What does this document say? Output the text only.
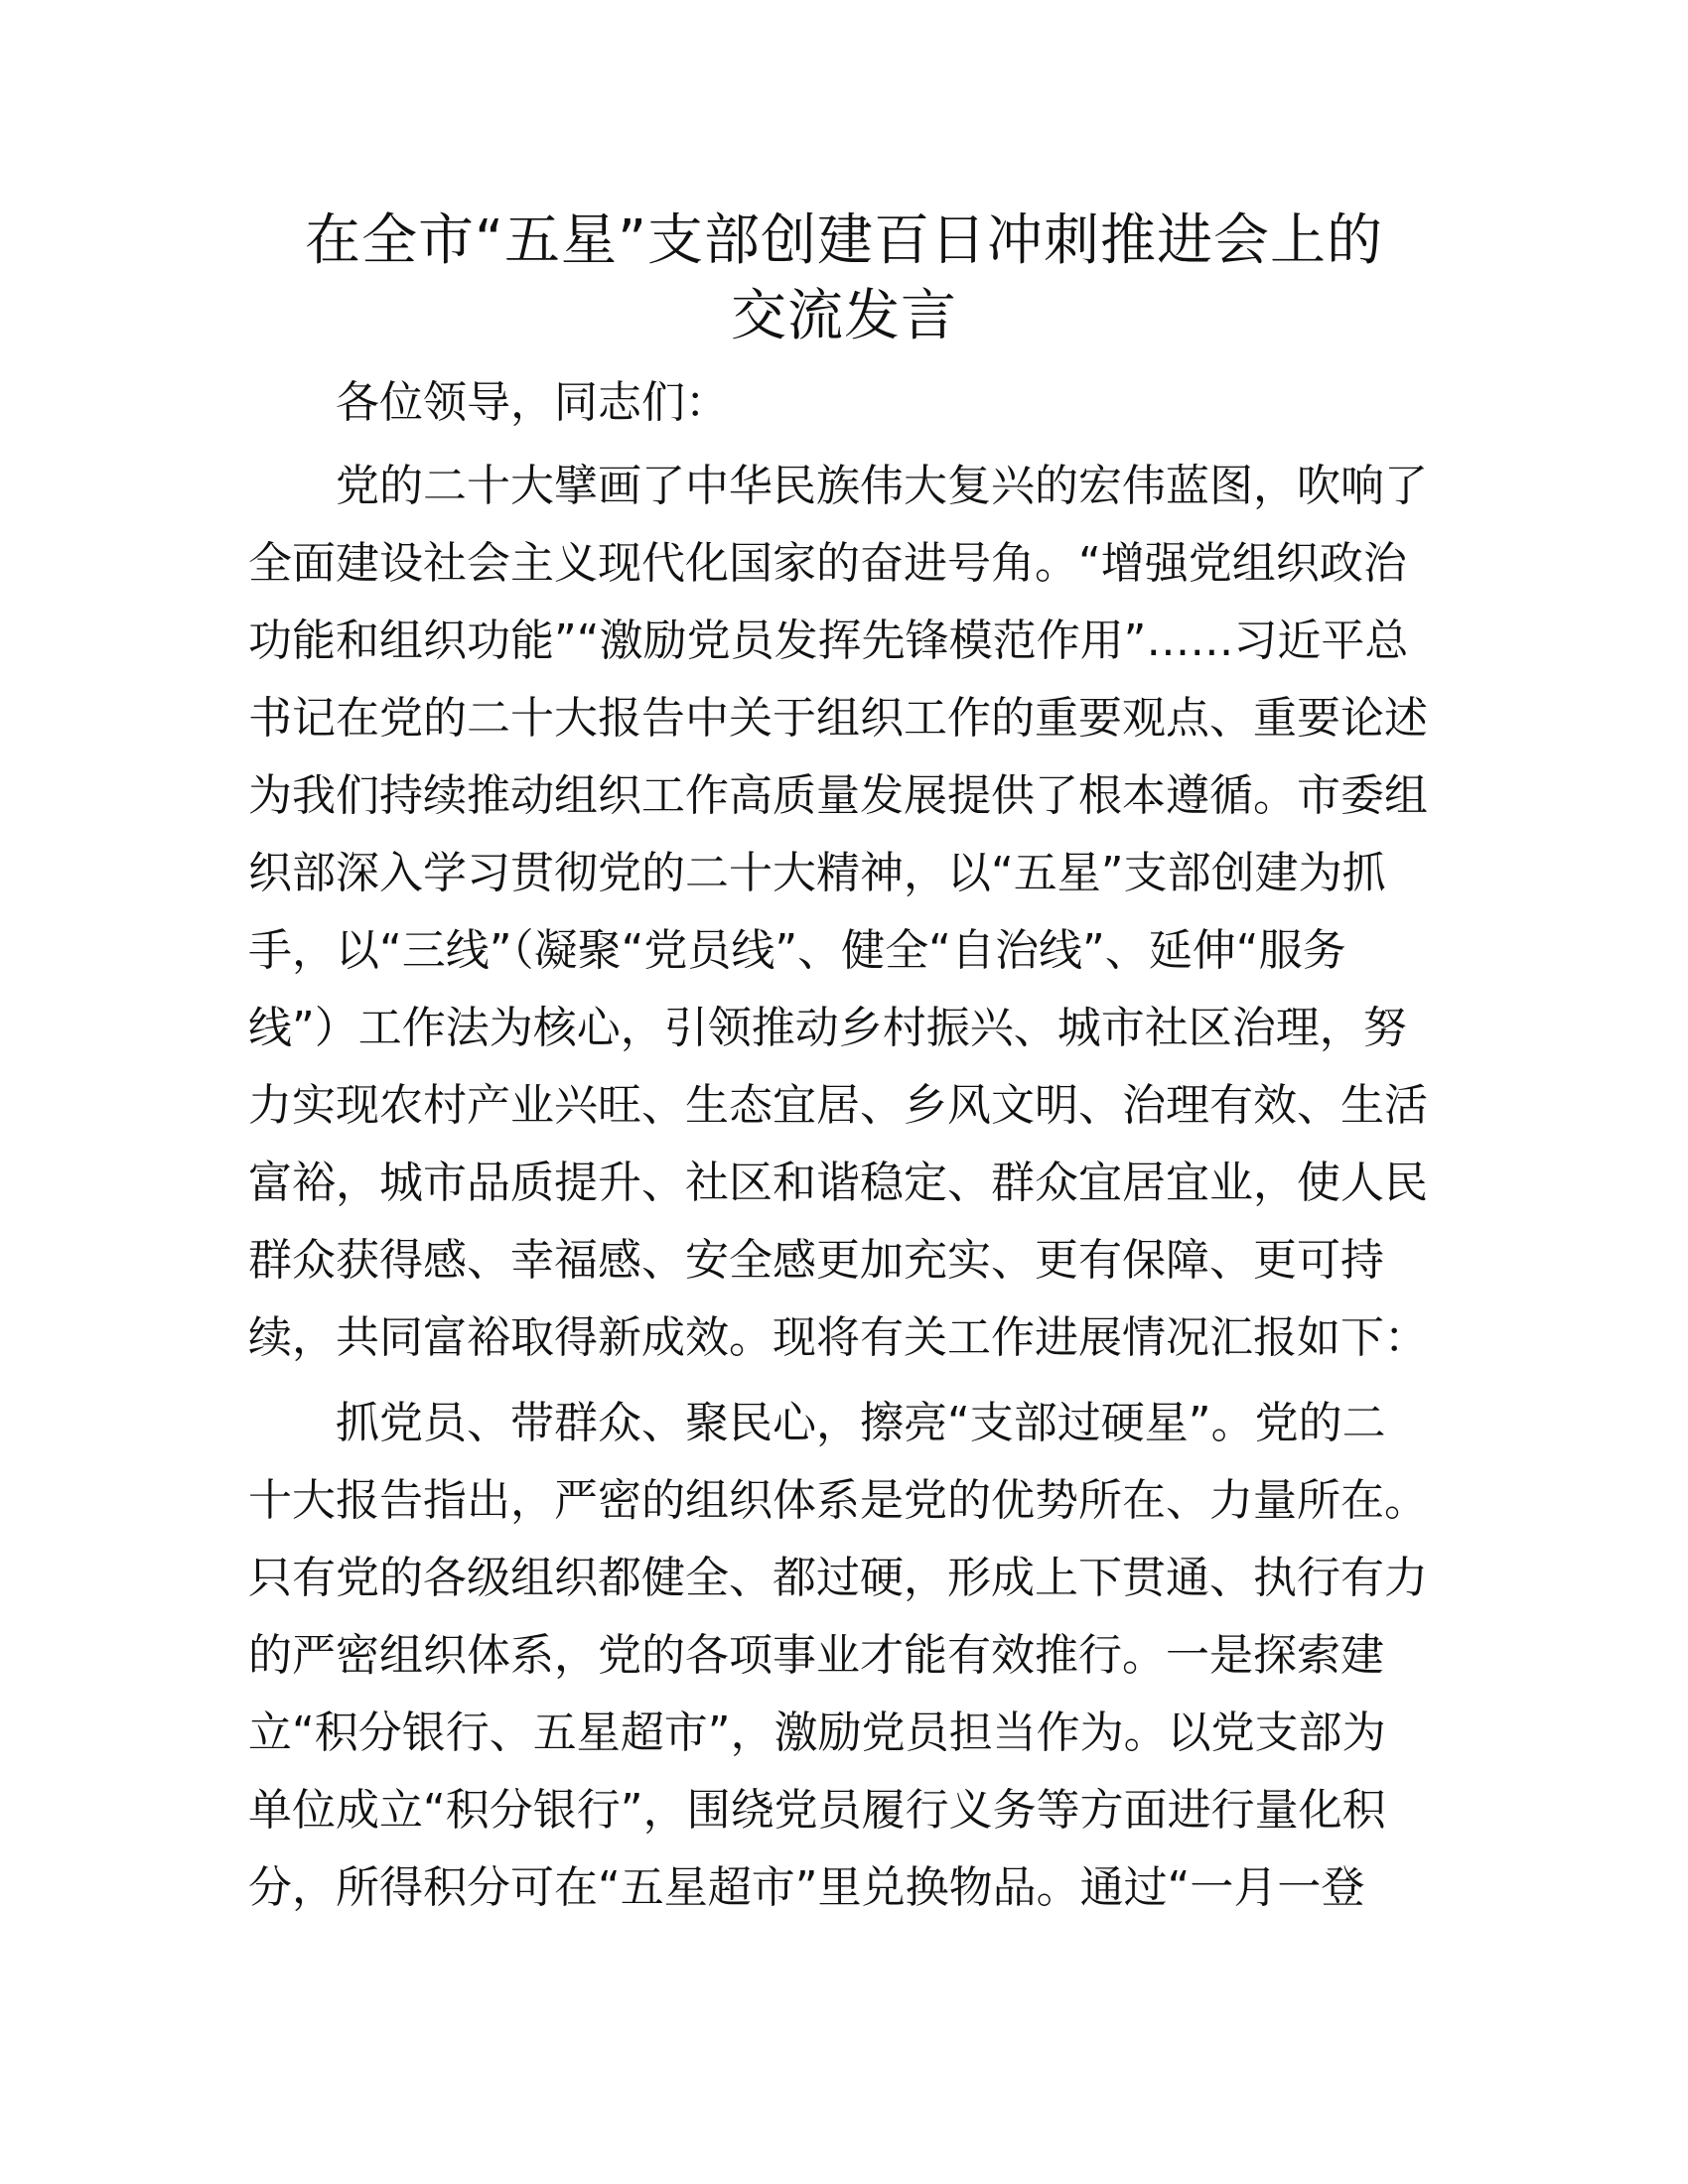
在全市“五星”支部创建百日冲刺推进会上的
交流发言

各位领导，同志们：

党的二十大擘画了中华民族伟大复兴的宏伟蓝图，吹响了
全面建设社会主义现代化国家的奋进号角。“增强党组织政治
功能和组织功能”“激励党员发挥先锋模范作用”……习近平总
书记在党的二十大报告中关于组织工作的重要观点、重要论述
为我们持续推动组织工作高质量发展提供了根本遵循。市委组
织部深入学习贯彻党的二十大精神，以“五星”支部创建为抓
手，以“三线”（凝聚“党员线”、健全“自治线”、延伸“服务
线”）工作法为核心，引领推动乡村振兴、城市社区治理，努
力实现农村产业兴旺、生态宜居、乡风文明、治理有效、生活
富裕，城市品质提升、社区和谐稳定、群众宜居宜业，使人民
群众获得感、幸福感、安全感更加充实、更有保障、更可持
续，共同富裕取得新成效。现将有关工作进展情况汇报如下：
抓党员、带群众、聚民心，擦亮“支部过硬星”。党的二
十大报告指出，严密的组织体系是党的优势所在、力量所在。
只有党的各级组织都健全、都过硬，形成上下贯通、执行有力
的严密组织体系，党的各项事业才能有效推行。一是探索建
立“积分银行、五星超市”，激励党员担当作为。以党支部为
单位成立“积分银行”，围绕党员履行义务等方面进行量化积
分，所得积分可在“五星超市”里兑换物品。通过“一月一登
